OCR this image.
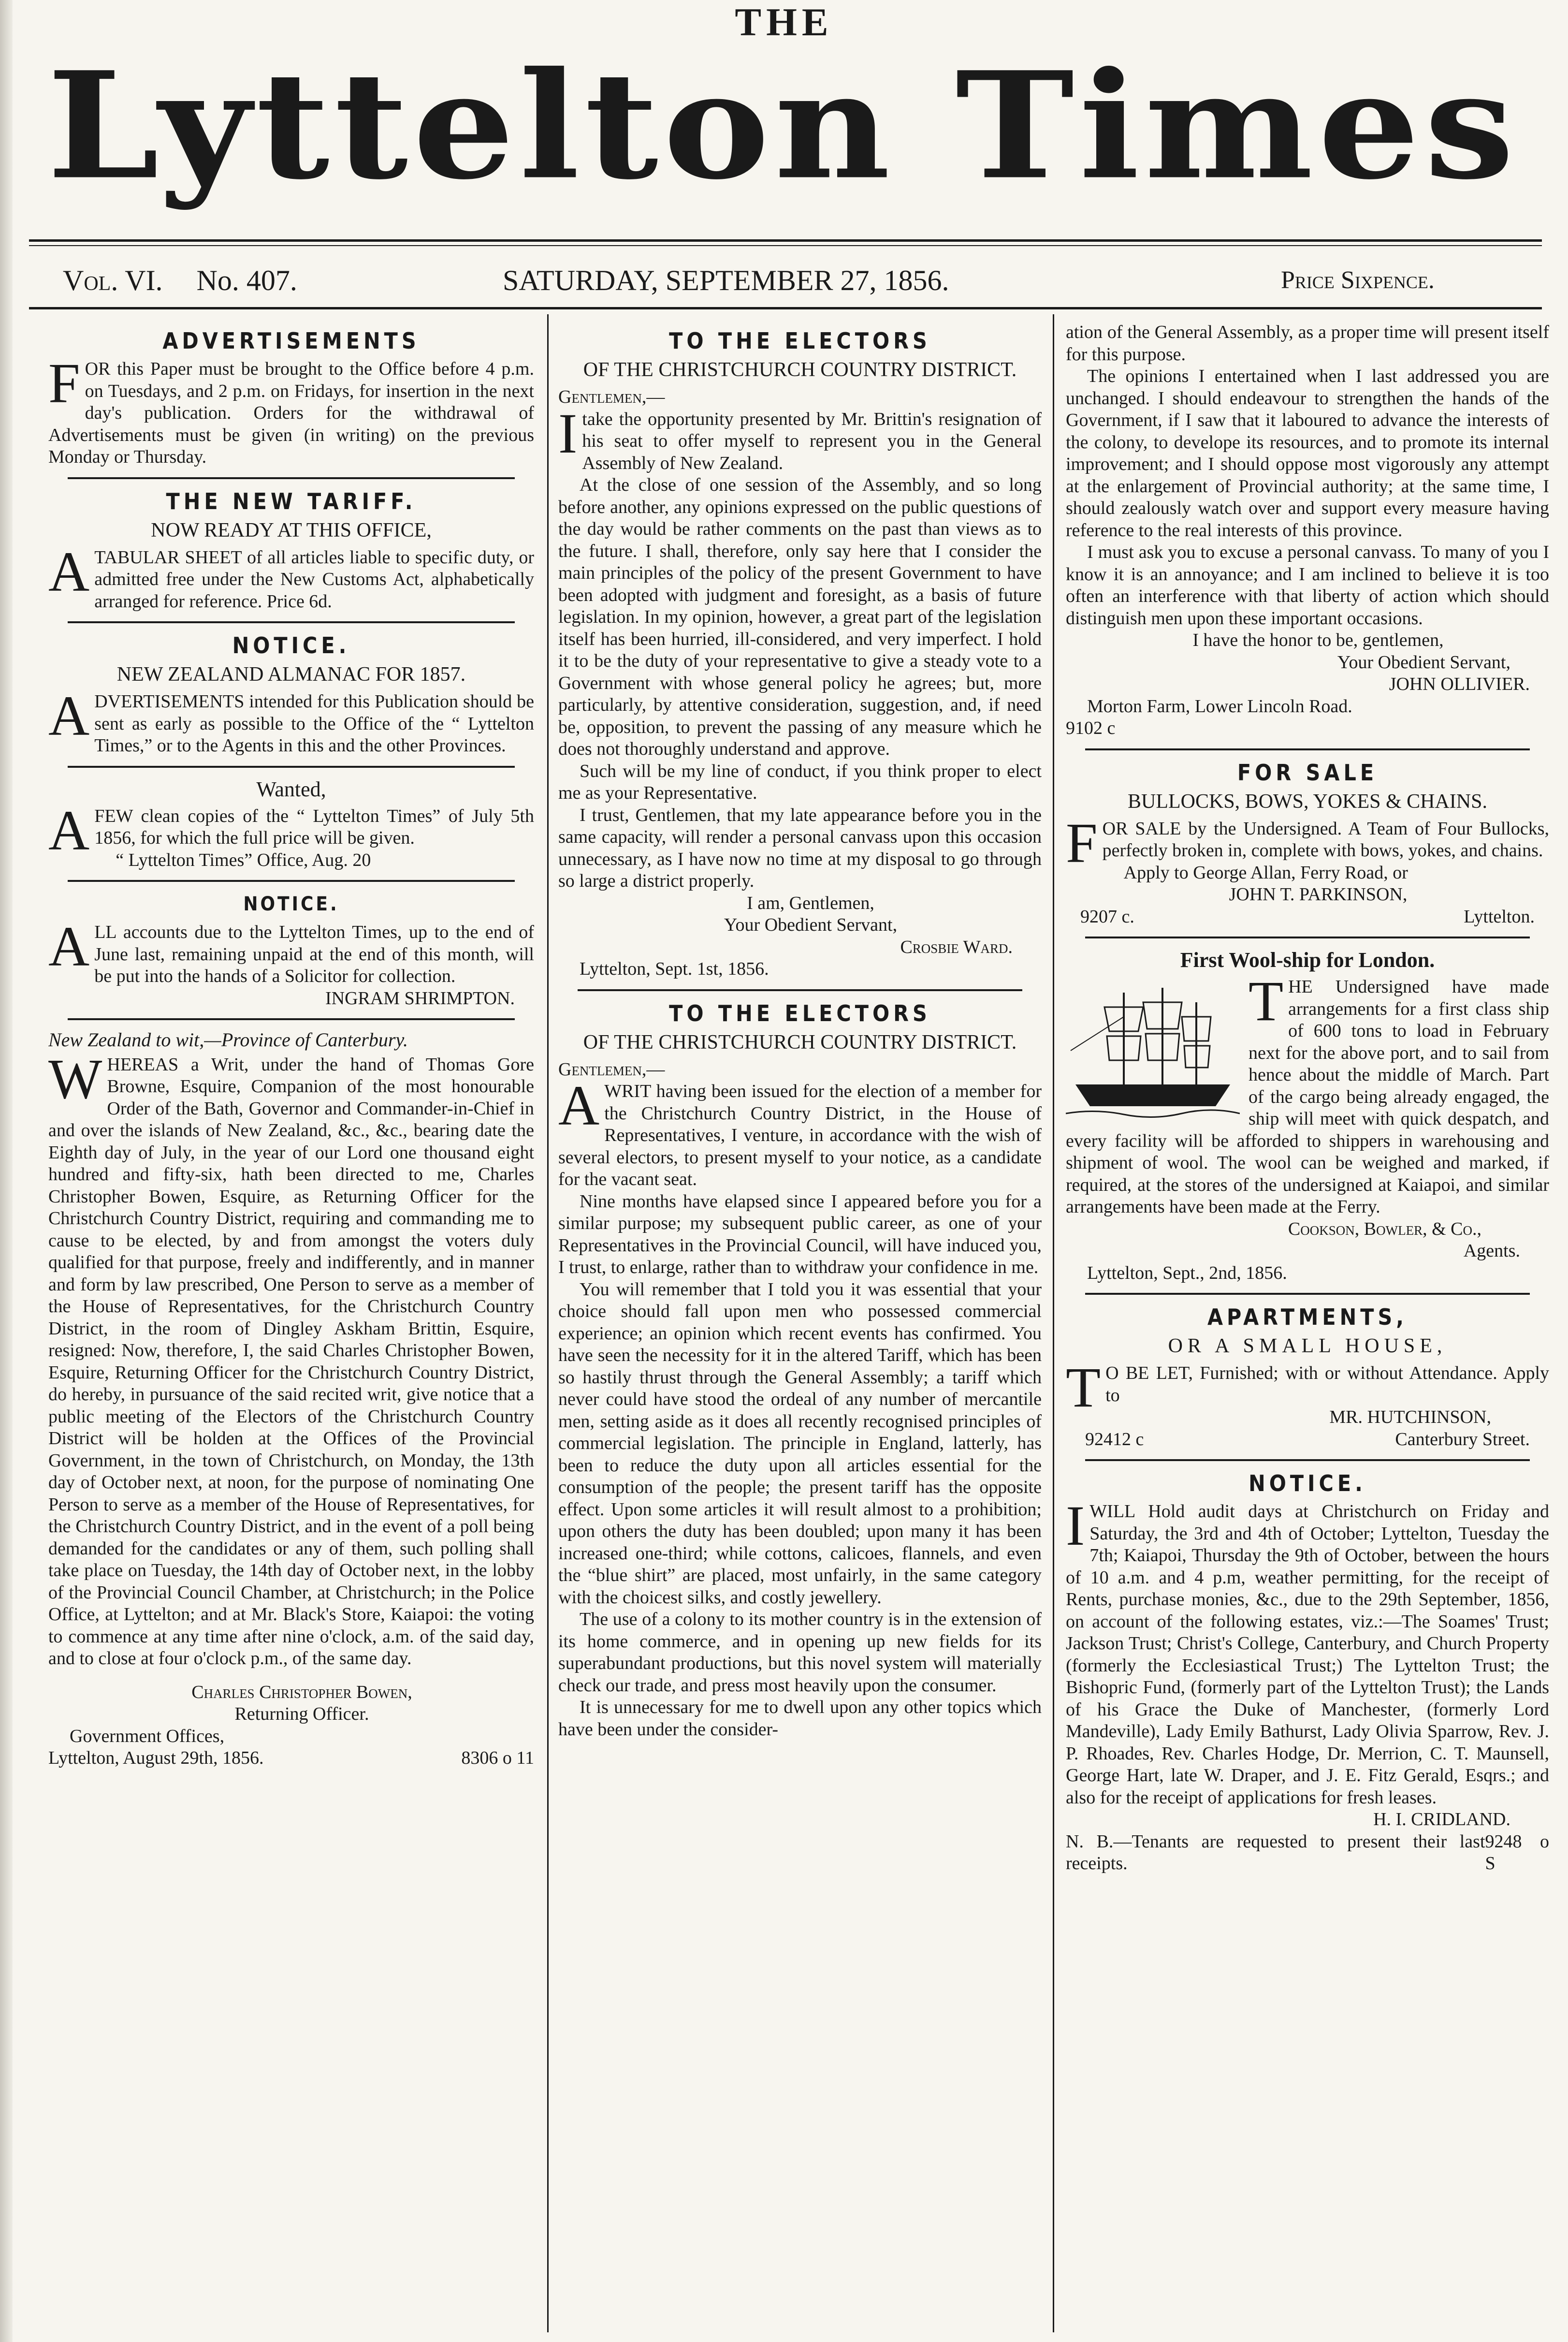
THE
Lyttelton Times
Vol. VI. No. 407.	SATURDAY, SEPTEMBER 27, 1856.	Price Sixpence.
ADVERTISEMENTS

FOR this Paper must be brought to the Office before 4 p.m. on Tuesdays, and 2 p.m. on Fridays, for insertion in the next day's publication. Orders for the withdrawal of Advertisements must be given (in writing) on the previous Monday or Thursday.

THE NEW TARIFF.
NOW READY AT THIS OFFICE,

ATABULAR SHEET of all articles liable to specific duty, or admitted free under the New Customs Act, alphabetically arranged for reference. Price 6d.

NOTICE.
NEW ZEALAND ALMANAC FOR 1857.

ADVERTISEMENTS intended for this Publication should be sent as early as possible to the Office of the “ Lyttelton Times,” or to the Agents in this and the other Provinces.

Wanted,

AFEW clean copies of the “ Lyttelton Times” of July 5th 1856, for which the full price will be given.

“ Lyttelton Times” Office, Aug. 20

NOTICE.

ALL accounts due to the Lyttelton Times, up to the end of June last, remaining unpaid at the end of this month, will be put into the hands of a Solicitor for collection.

INGRAM SHRIMPTON.

New Zealand to wit,—Province of Canterbury.

WHEREAS a Writ, under the hand of Thomas Gore Browne, Esquire, Companion of the most honourable Order of the Bath, Governor and Commander-in-Chief in and over the islands of New Zealand, &c., &c., bearing date the Eighth day of July, in the year of our Lord one thousand eight hundred and fifty-six, hath been directed to me, Charles Christopher Bowen, Esquire, as Returning Officer for the Christchurch Country District, requiring and commanding me to cause to be elected, by and from amongst the voters duly qualified for that purpose, freely and indifferently, and in manner and form by law prescribed, One Person to serve as a member of the House of Representatives, for the Christchurch Country District, in the room of Dingley Askham Brittin, Esquire, resigned: Now, therefore, I, the said Charles Christopher Bowen, Esquire, Returning Officer for the Christchurch Country District, do hereby, in pursuance of the said recited writ, give notice that a public meeting of the Electors of the Christchurch Country District will be holden at the Offices of the Provincial Government, in the town of Christchurch, on Monday, the 13th day of October next, at noon, for the purpose of nominating One Person to serve as a member of the House of Representatives, for the Christchurch Country District, and in the event of a poll being demanded for the candidates or any of them, such polling shall take place on Tuesday, the 14th day of October next, in the lobby of the Provincial Council Chamber, at Christchurch; in the Police Office, at Lyttelton; and at Mr. Black's Store, Kaiapoi: the voting to commence at any time after nine o'clock, a.m. of the said day, and to close at four o'clock p.m., of the same day.

Charles Christopher Bowen,

Returning Officer.

Government Offices,

Lyttelton, August 29th, 1856.	8306 o 11
TO THE ELECTORS
OF THE CHRISTCHURCH COUNTRY DISTRICT.

Gentlemen,—

Itake the opportunity presented by Mr. Brittin's resignation of his seat to offer myself to represent you in the General Assembly of New Zealand.

At the close of one session of the Assembly, and so long before another, any opinions expressed on the public questions of the day would be rather comments on the past than views as to the future. I shall, therefore, only say here that I consider the main principles of the policy of the present Government to have been adopted with judgment and foresight, as a basis of future legislation. In my opinion, however, a great part of the legislation itself has been hurried, ill-considered, and very imperfect. I hold it to be the duty of your representative to give a steady vote to a Government with whose general policy he agrees; but, more particularly, by attentive consideration, suggestion, and, if need be, opposition, to prevent the passing of any measure which he does not thoroughly understand and approve.

Such will be my line of conduct, if you think proper to elect me as your Representative.

I trust, Gentlemen, that my late appearance before you in the same capacity, will render a personal canvass upon this occasion unnecessary, as I have now no time at my disposal to go through so large a district properly.

I am, Gentlemen,

Your Obedient Servant,

Crosbie Ward.

Lyttelton, Sept. 1st, 1856.

TO THE ELECTORS
OF THE CHRISTCHURCH COUNTRY DISTRICT.

Gentlemen,—

AWRIT having been issued for the election of a member for the Christchurch Country District, in the House of Representatives, I venture, in accordance with the wish of several electors, to present myself to your notice, as a candidate for the vacant seat.

Nine months have elapsed since I appeared before you for a similar purpose; my subsequent public career, as one of your Representatives in the Provincial Council, will have induced you, I trust, to enlarge, rather than to withdraw your confidence in me.

You will remember that I told you it was essential that your choice should fall upon men who possessed commercial experience; an opinion which recent events has confirmed. You have seen the necessity for it in the altered Tariff, which has been so hastily thrust through the General Assembly; a tariff which never could have stood the ordeal of any number of mercantile men, setting aside as it does all recently recognised principles of commercial legislation. The principle in England, latterly, has been to reduce the duty upon all articles essential for the consumption of the people; the present tariff has the opposite effect. Upon some articles it will result almost to a prohibition; upon others the duty has been doubled; upon many it has been increased one-third; while cottons, calicoes, flannels, and even the “blue shirt” are placed, most unfairly, in the same category with the choicest silks, and costly jewellery.

The use of a colony to its mother country is in the extension of its home commerce, and in opening up new fields for its superabundant productions, but this novel system will materially check our trade, and press most heavily upon the consumer.

It is unnecessary for me to dwell upon any other topics which have been under the consider-

ation of the General Assembly, as a proper time will present itself for this purpose.

The opinions I entertained when I last addressed you are unchanged. I should endeavour to strengthen the hands of the Government, if I saw that it laboured to advance the interests of the colony, to develope its resources, and to promote its internal improvement; and I should oppose most vigorously any attempt at the enlargement of Provincial authority; at the same time, I should zealously watch over and support every measure having reference to the real interests of this province.

I must ask you to excuse a personal canvass. To many of you I know it is an annoyance; and I am inclined to believe it is too often an interference with that liberty of action which should distinguish men upon these important occasions.

I have the honor to be, gentlemen,

Your Obedient Servant,

JOHN OLLIVIER.

Morton Farm, Lower Lincoln Road.

9102 c

FOR SALE
BULLOCKS, BOWS, YOKES & CHAINS.

FOR SALE by the Undersigned. A Team of Four Bullocks, perfectly broken in, complete with bows, yokes, and chains.

Apply to George Allan, Ferry Road, or

JOHN T. PARKINSON,

9207 c.	Lyttelton.
First Wool-ship for London.

THE Undersigned have made arrangements for a first class ship of 600 tons to load in February next for the above port, and to sail from hence about the middle of March. Part of the cargo being already engaged, the ship will meet with quick despatch, and every facility will be afforded to shippers in warehousing and shipment of wool. The wool can be weighed and marked, if required, at the stores of the undersigned at Kaiapoi, and similar arrangements have been made at the Ferry.

Cookson, Bowler, & Co.,

Agents.

Lyttelton, Sept., 2nd, 1856.

APARTMENTS,
OR A SMALL HOUSE,

T O BE LET, Furnished; with or without Attendance. Apply to

MR. HUTCHINSON,

92412 c	Canterbury Street.
NOTICE.

IWILL Hold audit days at Christchurch on Friday and Saturday, the 3rd and 4th of October; Lyttelton, Tuesday the 7th; Kaiapoi, Thursday the 9th of October, between the hours of 10 a.m. and 4 p.m, weather permitting, for the receipt of Rents, purchase monies, &c., due to the 29th September, 1856, on account of the following estates, viz.:—The Soames' Trust; Jackson Trust; Christ's College, Canterbury, and Church Property (formerly the Ecclesiastical Trust;) The Lyttelton Trust; the Bishopric Fund, (formerly part of the Lyttelton Trust); the Lands of his Grace the Duke of Manchester, (formerly Lord Mandeville), Lady Emily Bathurst, Lady Olivia Sparrow, Rev. J. P. Rhoades, Rev. Charles Hodge, Dr. Merrion, C. T. Maunsell, George Hart, late W. Draper, and J. E. Fitz Gerald, Esqrs.; and also for the receipt of applications for fresh leases.

H. I. CRIDLAND.

N. B.—Tenants are requested to present their last receipts.
9248 o S
